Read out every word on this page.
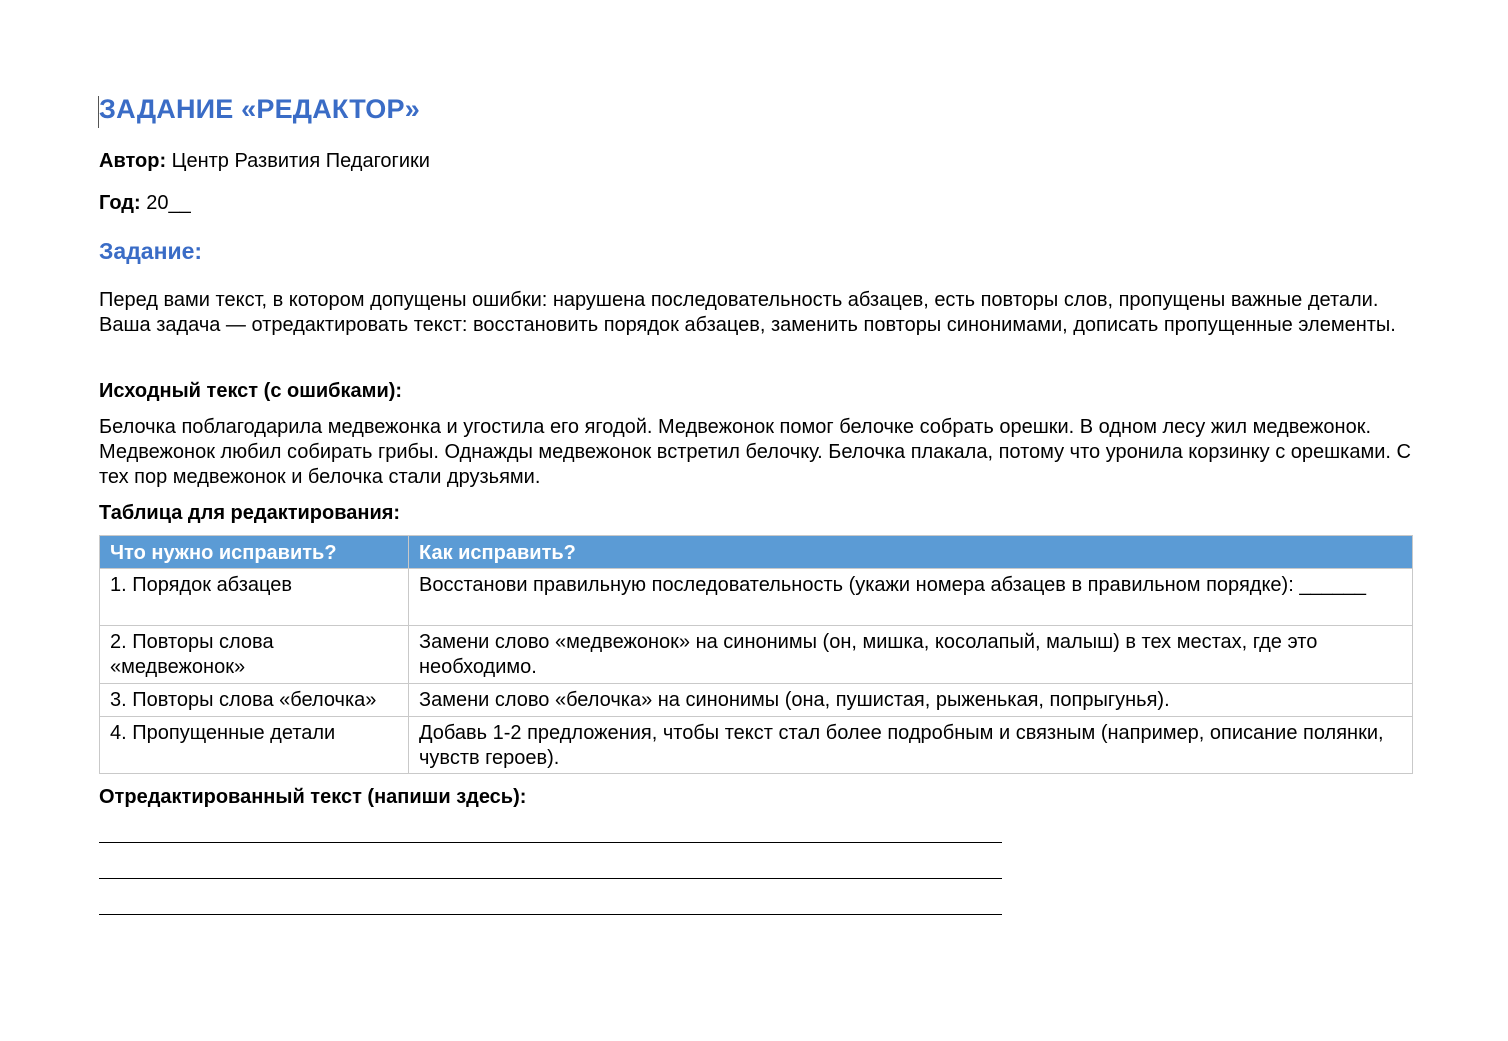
ЗАДАНИЕ «РЕДАКТОР»
Автор: Центр Развития Педагогики
Год: 20__
Задание:

Перед вами текст, в котором допущены ошибки: нарушена последовательность абзацев, есть повторы слов, пропущены важные детали. Ваша задача — отредактировать текст: восстановить порядок абзацев, заменить повторы синонимами, дописать пропущенные элементы.

Исходный текст (с ошибками):

Белочка поблагодарила медвежонка и угостила его ягодой. Медвежонок помог белочке собрать орешки. В одном лесу жил медвежонок. Медвежонок любил собирать грибы. Однажды медвежонок встретил белочку. Белочка плакала, потому что уронила корзинку с орешками. С тех пор медвежонок и белочка стали друзьями.

Таблица для редактирования:
Что нужно исправить?	Как исправить?
1. Порядок абзацев	Восстанови правильную последовательность (укажи номера абзацев в правильном порядке): ______
2. Повторы слова «медвежонок»	Замени слово «медвежонок» на синонимы (он, мишка, косолапый, малыш) в тех местах, где это необходимо.
3. Повторы слова «белочка»	Замени слово «белочка» на синонимы (она, пушистая, рыженькая, попрыгунья).
4. Пропущенные детали	Добавь 1-2 предложения, чтобы текст стал более подробным и связным (например, описание полянки, чувств героев).
Отредактированный текст (напиши здесь):
